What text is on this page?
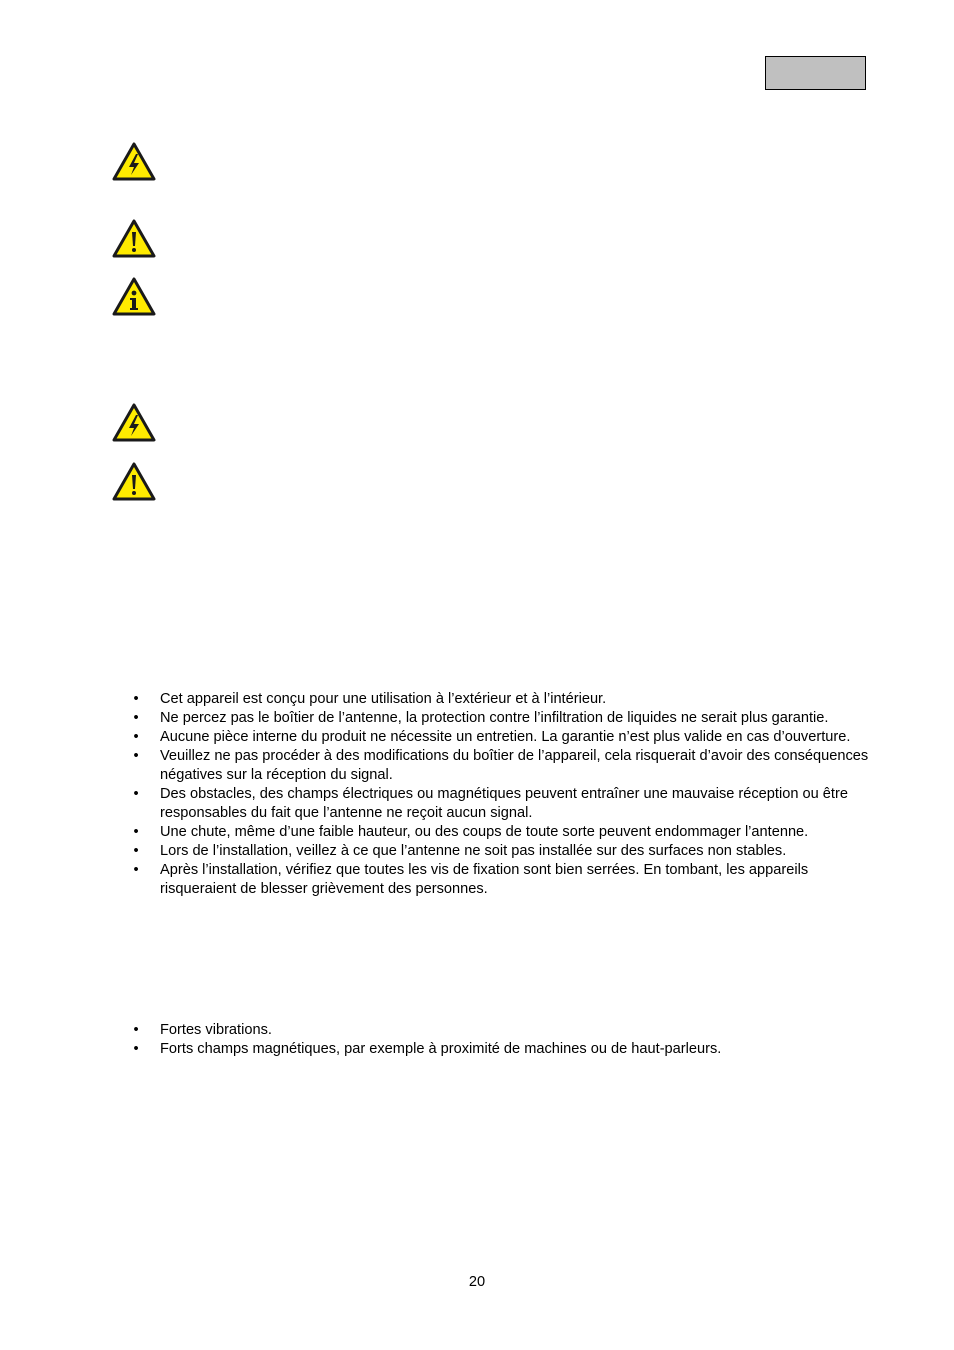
• Cet appareil est conçu pour une utilisation à l’extérieur et à l’intérieur.
• Ne percez pas le boîtier de l’antenne, la protection contre l’infiltration de liquides ne serait plus garantie.
• Aucune pièce interne du produit ne nécessite un entretien. La garantie n’est plus valide en cas d’ouverture.
• Veuillez ne pas procéder à des modifications du boîtier de l’appareil, cela risquerait d’avoir des conséquences négatives sur la réception du signal.
• Des obstacles, des champs électriques ou magnétiques peuvent entraîner une mauvaise réception ou être responsables du fait que l’antenne ne reçoit aucun signal.
• Une chute, même d’une faible hauteur, ou des coups de toute sorte peuvent endommager l’antenne.
• Lors de l’installation, veillez à ce que l’antenne ne soit pas installée sur des surfaces non stables.
• Après l’installation, vérifiez que toutes les vis de fixation sont bien serrées. En tombant, les appareils risqueraient de blesser grièvement des personnes.
• Fortes vibrations.
• Forts champs magnétiques, par exemple à proximité de machines ou de haut-parleurs.
20
